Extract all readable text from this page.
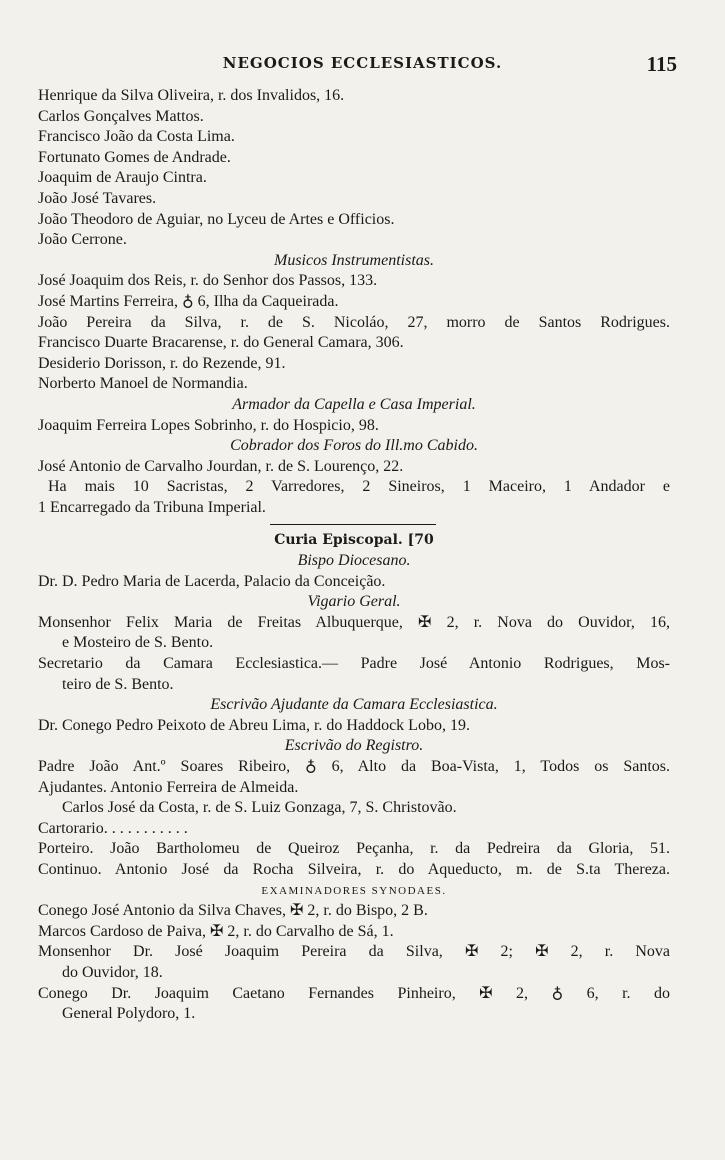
NEGOCIOS ECCLESIASTICOS.	115
Henrique da Silva Oliveira, r. dos Invalidos, 16.
Carlos Gonçalves Mattos.
Francisco João da Costa Lima.
Fortunato Gomes de Andrade.
Joaquim de Araujo Cintra.
João José Tavares.
João Theodoro de Aguiar, no Lyceu de Artes e Officios.
João Cerrone.
Musicos Instrumentistas.
José Joaquim dos Reis, r. do Senhor dos Passos, 133.
José Martins Ferreira, ♁ 6, Ilha da Caqueirada.
João Pereira da Silva, r. de S. Nicoláo, 27, morro de Santos Rodrigues.
Francisco Duarte Bracarense, r. do General Camara, 306.
Desiderio Dorisson, r. do Rezende, 91.
Norberto Manoel de Normandia.
Armador da Capella e Casa Imperial.
Joaquim Ferreira Lopes Sobrinho, r. do Hospicio, 98.
Cobrador dos Foros do Ill.mo Cabido.
José Antonio de Carvalho Jourdan, r. de S. Lourenço, 22.
Ha mais 10 Sacristas, 2 Varredores, 2 Sineiros, 1 Maceiro, 1 Andador e
1 Encarregado da Tribuna Imperial.
Curia Episcopal. [70
Bispo Diocesano.
Dr. D. Pedro Maria de Lacerda, Palacio da Conceição.
Vigario Geral.
Monsenhor Felix Maria de Freitas Albuquerque, ✠ 2, r. Nova do Ouvidor, 16,
e Mosteiro de S. Bento.
Secretario da Camara Ecclesiastica.— Padre José Antonio Rodrigues, Mos-
teiro de S. Bento.
Escrivão Ajudante da Camara Ecclesiastica.
Dr. Conego Pedro Peixoto de Abreu Lima, r. do Haddock Lobo, 19.
Escrivão do Registro.
Padre João Ant.º Soares Ribeiro, ♁ 6, Alto da Boa-Vista, 1, Todos os Santos.
Ajudantes. Antonio Ferreira de Almeida.
Carlos José da Costa, r. de S. Luiz Gonzaga, 7, S. Christovão.
Cartorario. . . . . . . . . . .
Porteiro. João Bartholomeu de Queiroz Peçanha, r. da Pedreira da Gloria, 51.
Continuo. Antonio José da Rocha Silveira, r. do Aqueducto, m. de S.ta Thereza.
EXAMINADORES SYNODAES.
Conego José Antonio da Silva Chaves, ✠ 2, r. do Bispo, 2 B.
Marcos Cardoso de Paiva, ✠ 2, r. do Carvalho de Sá, 1.
Monsenhor Dr. José Joaquim Pereira da Silva, ✠ 2; ✠ 2, r. Nova
do Ouvidor, 18.
Conego Dr. Joaquim Caetano Fernandes Pinheiro, ✠ 2, ♁ 6, r. do
General Polydoro, 1.
